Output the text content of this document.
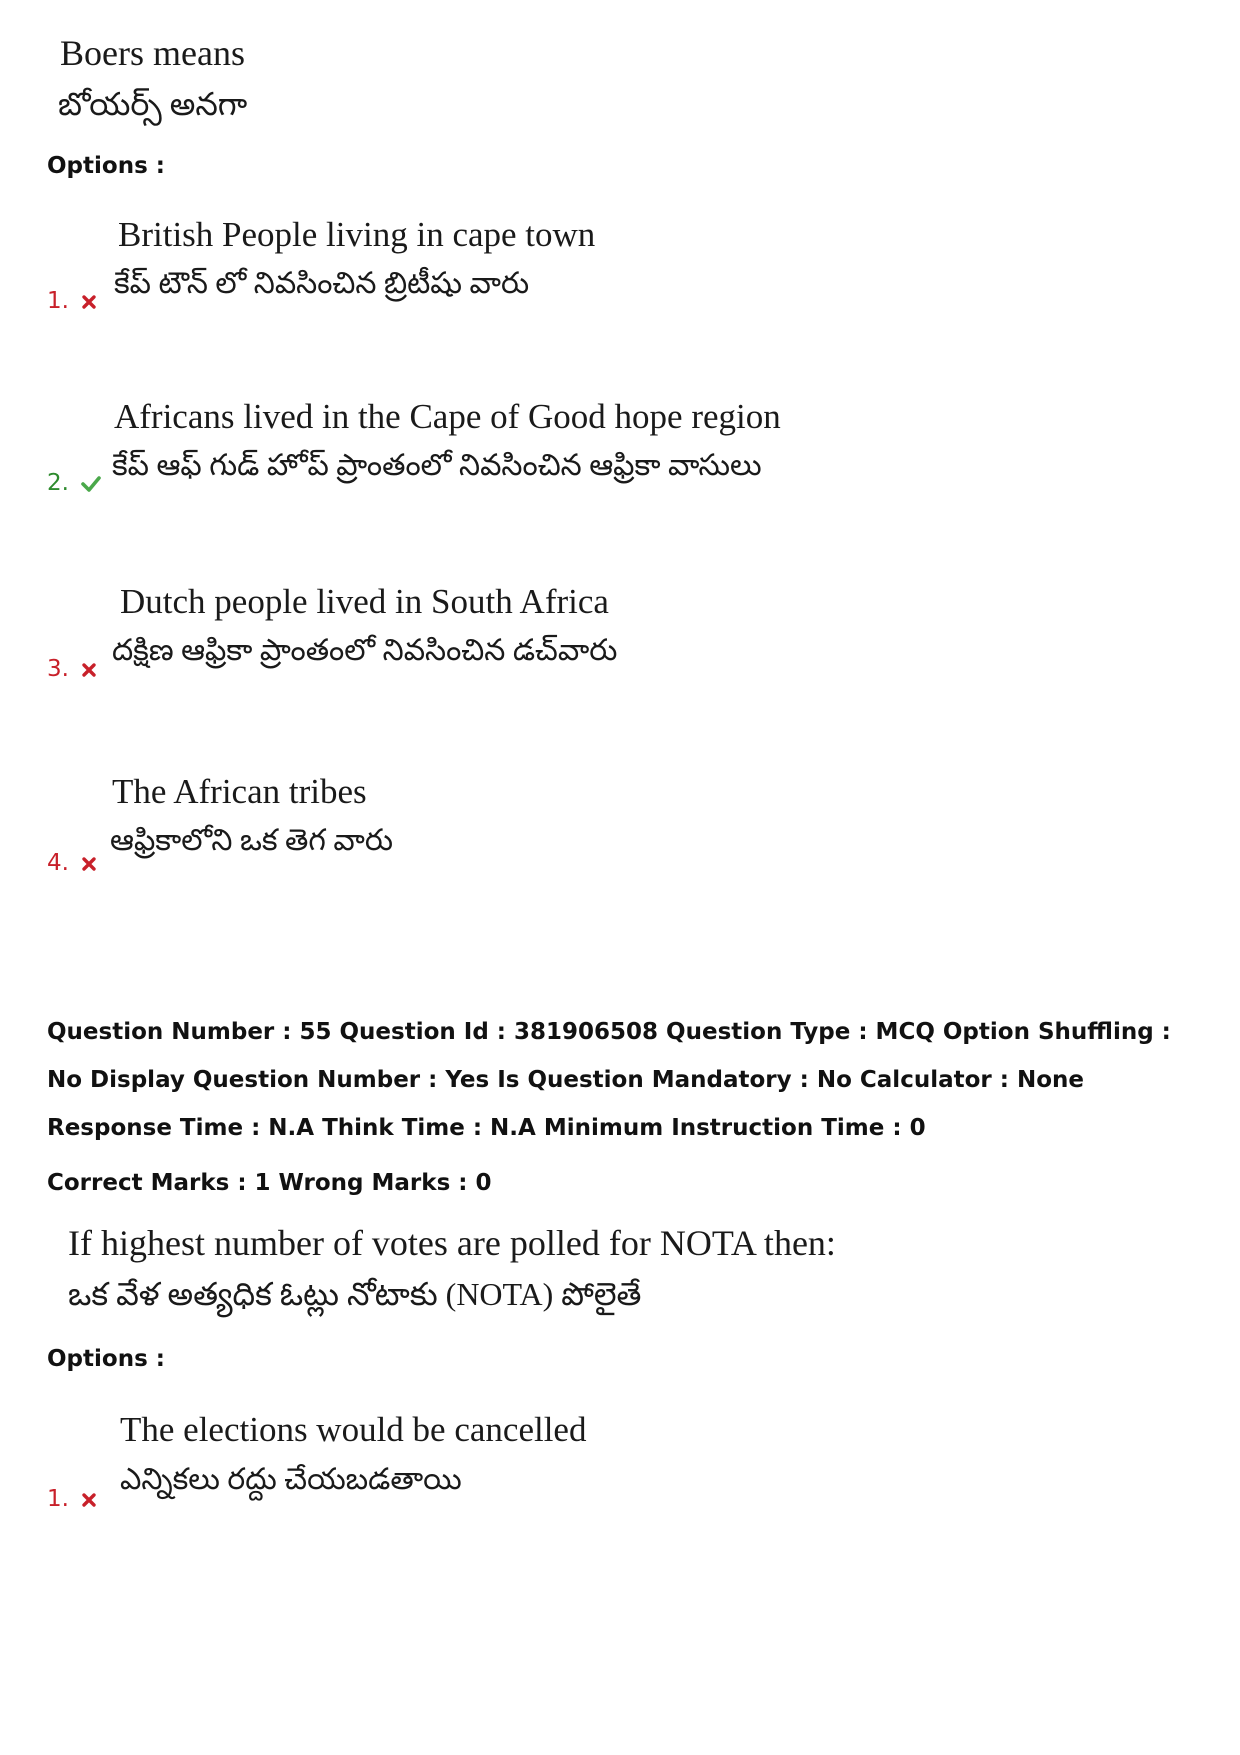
Boers means
బోయర్స్ అనగా
Options :
British People living in cape town
కేప్ టౌన్ లో నివసించిన బ్రిటీషు వారు
1.
Africans lived in the Cape of Good hope region
కేప్ ఆఫ్ గుడ్ హోప్ ప్రాంతంలో నివసించిన ఆఫ్రికా వాసులు
2.
Dutch people lived in South Africa
దక్షిణ ఆఫ్రికా ప్రాంతంలో నివసించిన డచ్‌వారు
3.
The African tribes
ఆఫ్రికాలోని ఒక తెగ వారు
4.
Question Number : 55 Question Id : 381906508 Question Type : MCQ Option Shuffling : No Display Question Number : Yes Is Question Mandatory : No Calculator : None Response Time : N.A Think Time : N.A Minimum Instruction Time : 0
Correct Marks : 1 Wrong Marks : 0
If highest number of votes are polled for NOTA then:
ఒక వేళ అత్యధిక ఓట్లు నోటాకు (NOTA) పోలైతే
Options :
The elections would be cancelled
ఎన్నికలు రద్దు చేయబడతాయి
1.
